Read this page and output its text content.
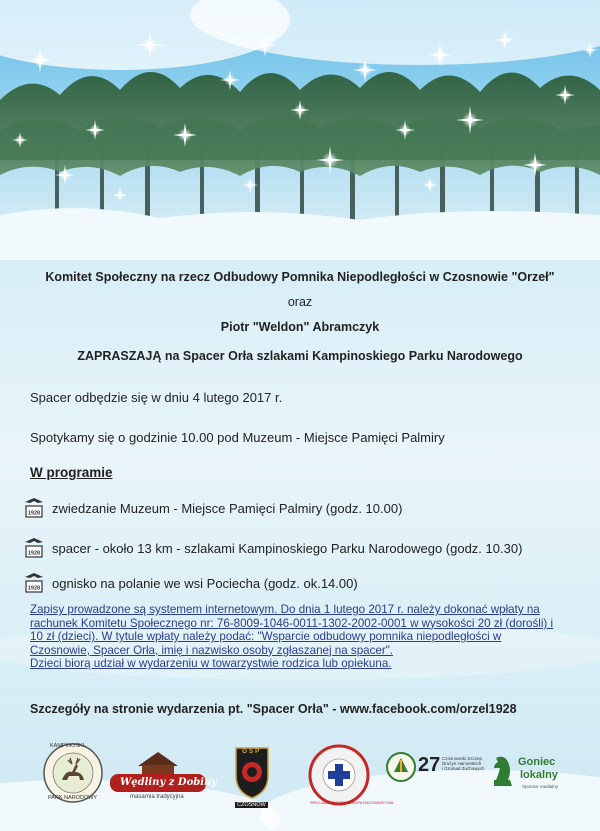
Komitet Społeczny na rzecz Odbudowy Pomnika Niepodległości w Czosnowie "Orzeł"
oraz
Piotr "Weldon" Abramczyk
ZAPRASZAJĄ na Spacer Orła szlakami Kampinoskiego Parku Narodowego
Spacer odbędzie się w dniu 4 lutego 2017 r.
Spotykamy się o godzinie 10.00 pod Muzeum - Miejsce Pamięci Palmiry
W programie
1928 zwiedzanie Muzeum - Miejsce Pamięci Palmiry (godz. 10.00)
1928 spacer - około 13 km - szlakami Kampinoskiego Parku Narodowego (godz. 10.30)
1928 ognisko na polanie we wsi Pociecha (godz. ok.14.00)

Zapisy prowadzone są systemem internetowym. Do dnia 1 lutego 2017 r. należy dokonać wpłaty na

rachunek Komitetu Społecznego nr: 76-8009-1046-0011-1302-2002-0001 w wysokości 20 zł (dorośli) i

10 zł (dzieci). W tytule wpłaty należy podać: "Wsparcie odbudowy pomnika niepodległości w

Czosnowie, Spacer Orła, imię i nazwisko osoby zgłaszanej na spacer".

Dzieci biorą udział w wydarzeniu w towarzystwie rodzica lub opiekuna.

Szczegóły na stronie wydarzenia pt. "Spacer Orła" - www.facebook.com/orzel1928
KAMPINOSKI
PARK NARODOWY
Wędliny z Dobiny
masarnia tradycyjna
O S P
CZOSNÓW	SPECJALISTYCZNA GRUPA RATOWNICTWA
27 Czosnowski Szczep
Drużyn Harcerskich
i Gromad Zuchowych
Goniec
lokalny
Sponsor medialny
